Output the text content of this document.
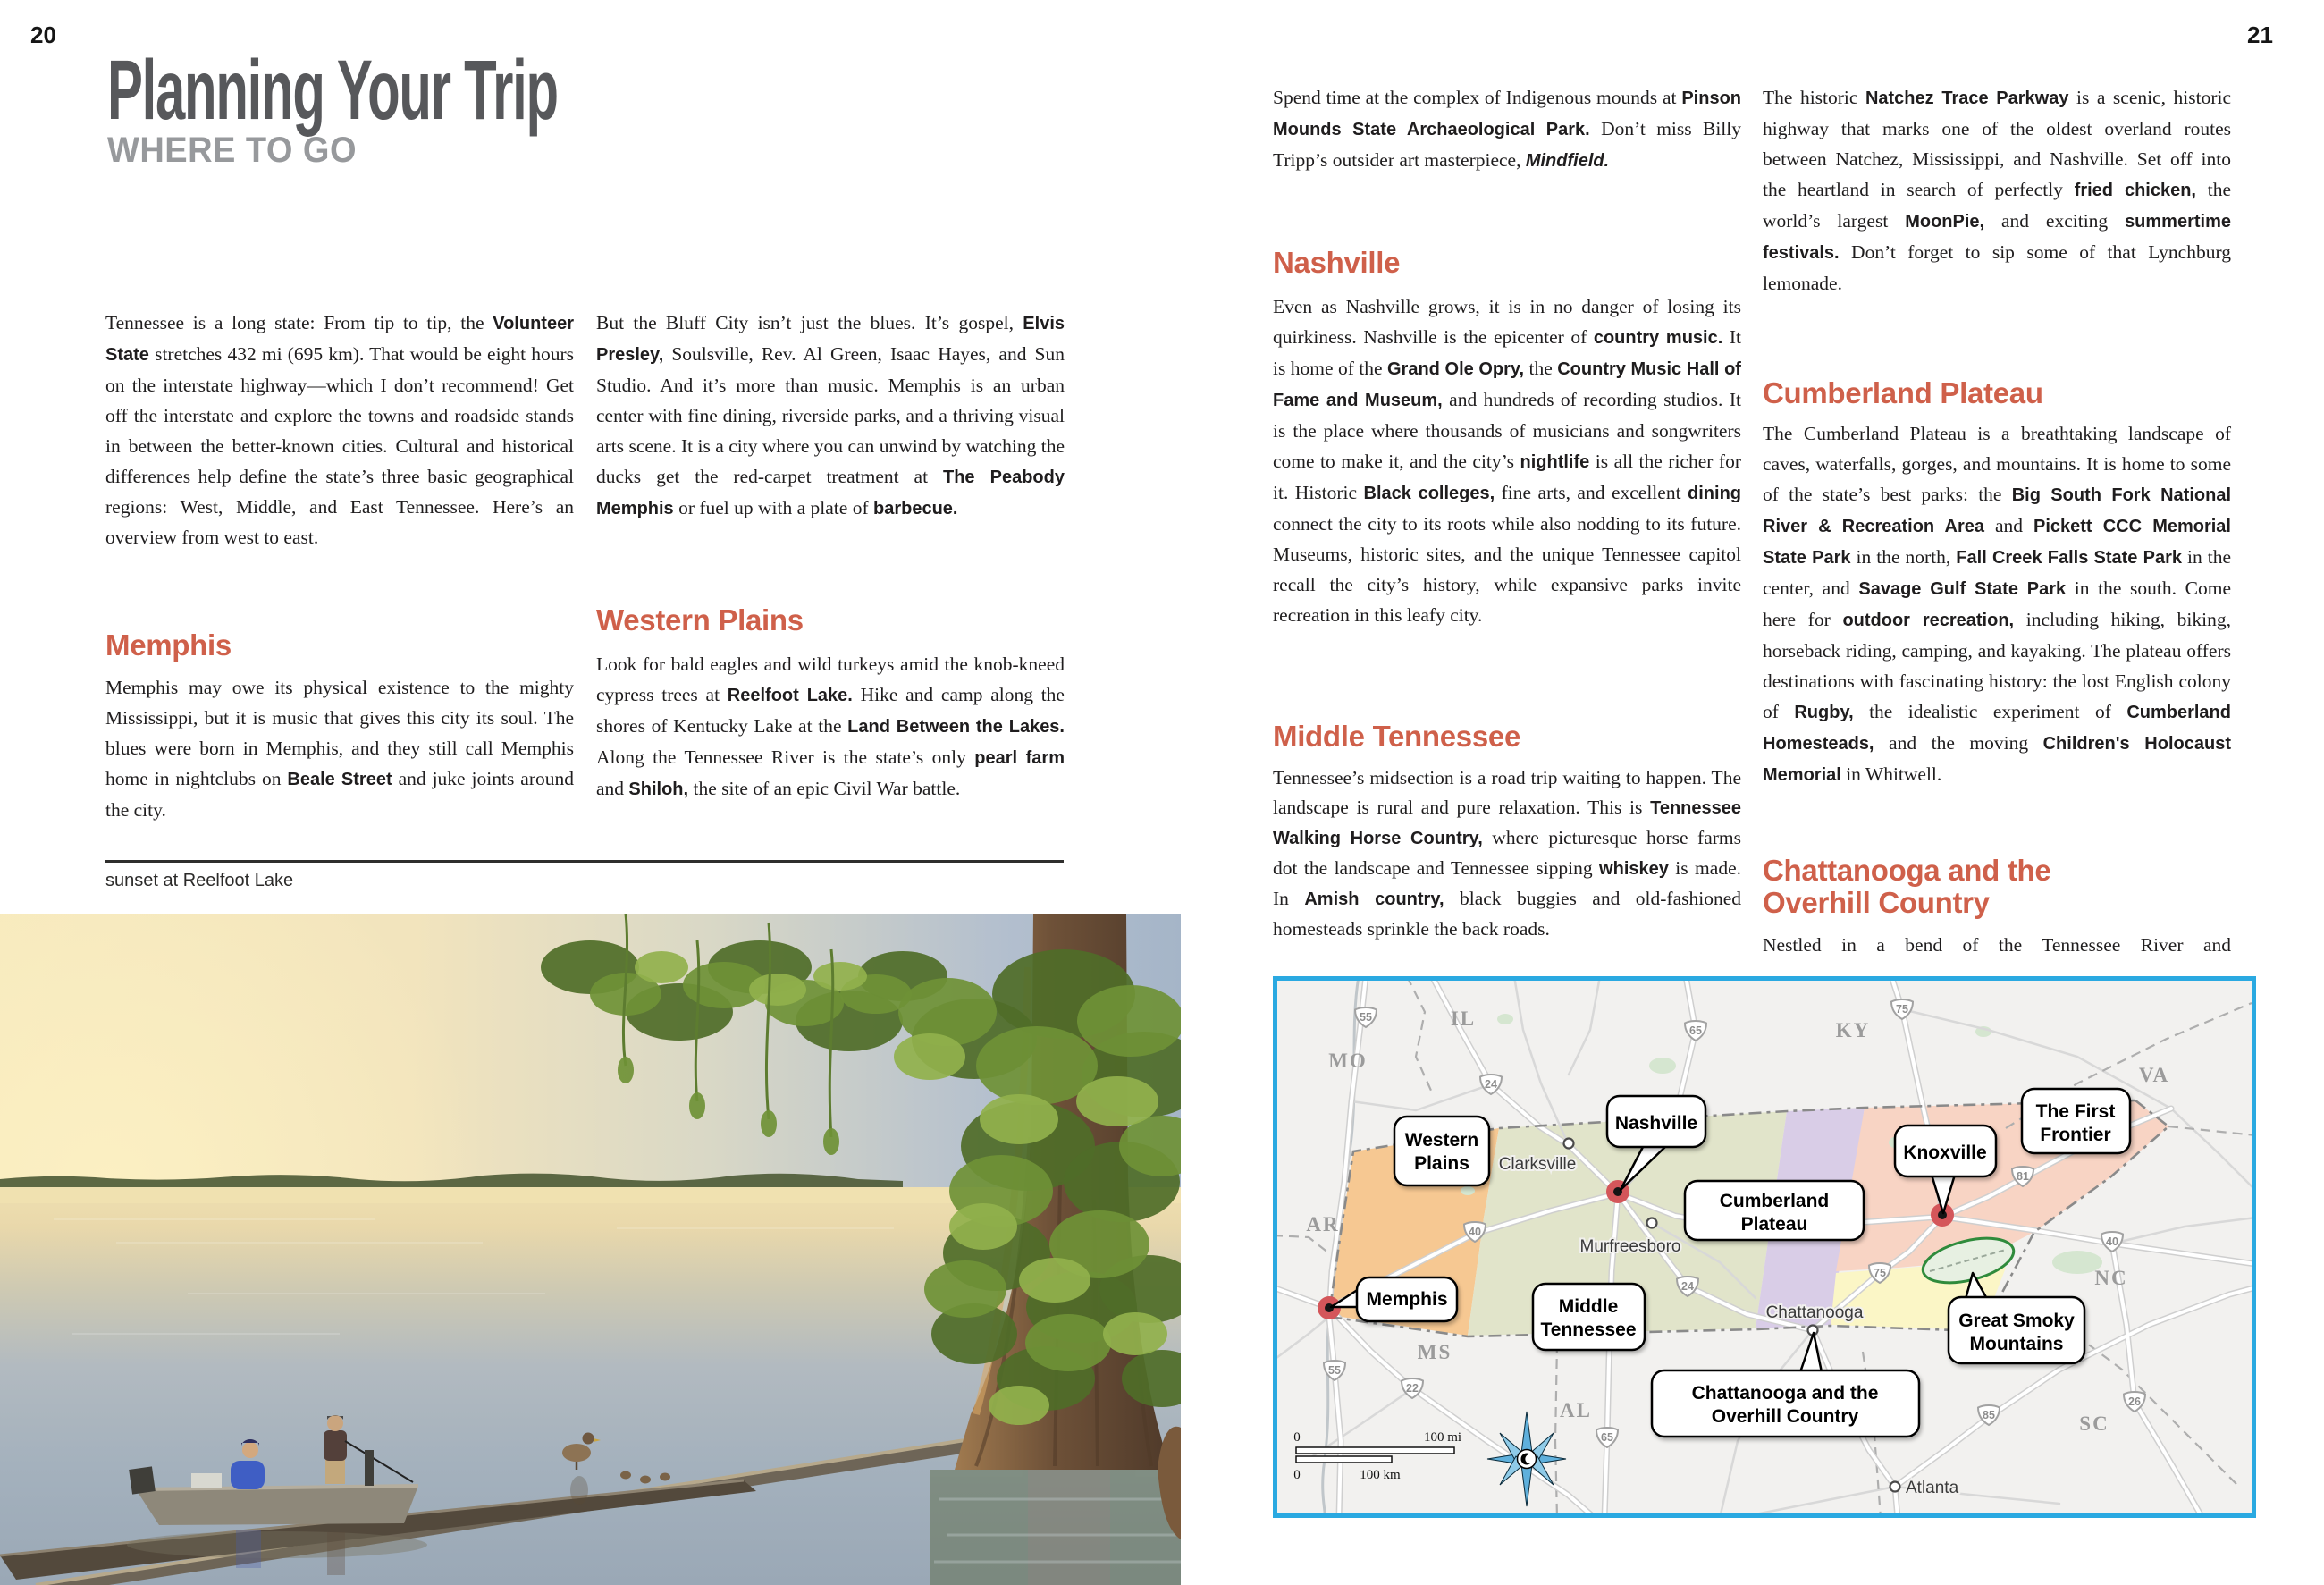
20
Planning Your Trip
WHERE TO GO
Tennessee is a long state: From tip to tip, the Volunteer State stretches 432 mi (695 km). That would be eight hours on the interstate highway—which I don’t recommend! Get off the interstate and explore the towns and roadside stands in between the better-known cities. Cultural and historical differences help define the state’s three basic geographical regions: West, Middle, and East Tennessee. Here’s an overview from west to east.
Memphis
Memphis may owe its physical existence to the mighty Mississippi, but it is music that gives this city its soul. The blues were born in Memphis, and they still call Memphis home in nightclubs on Beale Street and juke joints around the city.
But the Bluff City isn’t just the blues. It’s gospel, Elvis Presley, Soulsville, Rev. Al Green, Isaac Hayes, and Sun Studio. And it’s more than music. Memphis is an urban center with fine dining, riverside parks, and a thriving visual arts scene. It is a city where you can unwind by watching the ducks get the red-carpet treatment at The Peabody Memphis or fuel up with a plate of barbecue.
Western Plains
Look for bald eagles and wild turkeys amid the knob-kneed cypress trees at Reelfoot Lake. Hike and camp along the shores of Kentucky Lake at the Land Between the Lakes. Along the Tennessee River is the state’s only pearl farm and Shiloh, the site of an epic Civil War battle.
sunset at Reelfoot Lake
21
Spend time at the complex of Indigenous mounds at Pinson Mounds State Archaeological Park. Don’t miss Billy Tripp’s outsider art masterpiece, Mindfield.
Nashville
Even as Nashville grows, it is in no danger of losing its quirkiness. Nashville is the epicenter of country music. It is home of the Grand Ole Opry, the Country Music Hall of Fame and Museum, and hundreds of recording studios. It is the place where thousands of musicians and songwriters come to make it, and the city’s nightlife is all the richer for it. Historic Black colleges, fine arts, and excellent dining connect the city to its roots while also nodding to its future. Museums, historic sites, and the unique Tennessee capitol recall the city’s history, while expansive parks invite recreation in this leafy city.
Middle Tennessee
Tennessee’s midsection is a road trip waiting to happen. The landscape is rural and pure relaxation. This is Tennessee Walking Horse Country, where picturesque horse farms dot the landscape and Tennessee sipping whiskey is made. In Amish country, black buggies and old-fashioned homesteads sprinkle the back roads.
The historic Natchez Trace Parkway is a scenic, historic highway that marks one of the oldest overland routes between Natchez, Mississippi, and Nashville. Set off into the heartland in search of perfectly fried chicken, the world’s largest MoonPie, and exciting summertime festivals. Don’t forget to sip some of that Lynchburg lemonade.
Cumberland Plateau
The Cumberland Plateau is a breathtaking landscape of caves, waterfalls, gorges, and mountains. It is home to some of the state’s best parks: the Big South Fork National River & Recreation Area and Pickett CCC Memorial State Park in the north, Fall Creek Falls State Park in the center, and Savage Gulf State Park in the south. Come here for outdoor recreation, including hiking, biking, horseback riding, camping, and kayaking. The plateau offers destinations with fascinating history: the lost English colony of Rugby, the idealistic experiment of Cumberland Homesteads, and the moving Children's Holocaust Memorial in Whitwell.
Chattanooga and the Overhill Country
Nestled in a bend of the Tennessee River and
55
24
65
75
40
81
40
24
75
55
22
65
26
85
MO
IL
KY
VA
AR
MS
AL
NC
SC
Clarksville
Murfreesboro
Chattanooga
Atlanta
0	100 mi
0	100 km
Western Plains
Nashville
Cumberland Plateau
Knoxville
The First Frontier
Memphis	Middle Tennessee	Great Smoky Mountains
Chattanooga and the Overhill Country
